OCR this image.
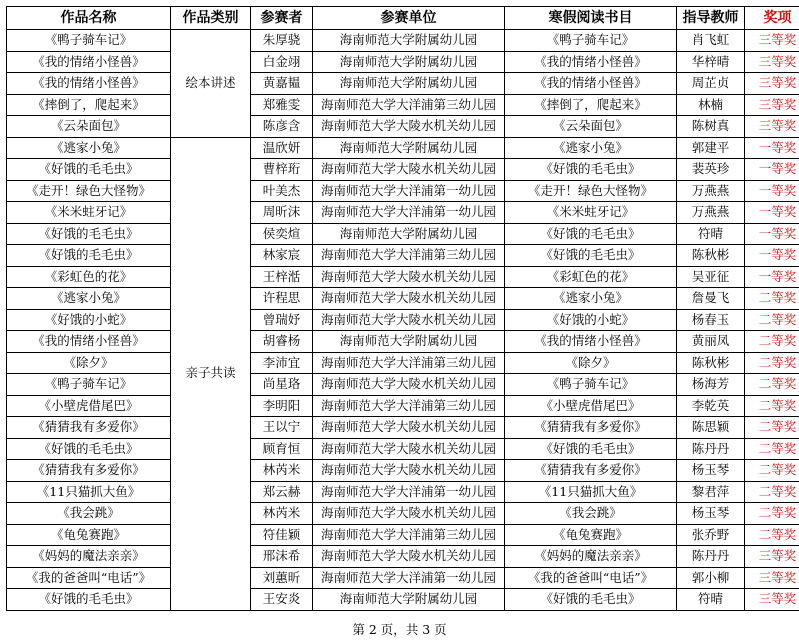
作品名称	作品类别	参赛者	参赛单位	寒假阅读书目	指导教师	奖项
《鸭子骑车记》	绘本讲述	朱厚骁	海南师范大学附属幼儿园	《鸭子骑车记》	肖飞虹	三等奖
《我的情绪小怪兽》		白金翊	海南师范大学附属幼儿园	《我的情绪小怪兽》	华梓晴	三等奖
《我的情绪小怪兽》		黄嘉韫	海南师范大学附属幼儿园	《我的情绪小怪兽》	周芷贞	三等奖
《摔倒了，爬起来》		郑雅雯	海南师范大学大洋浦第三幼儿园	《摔倒了，爬起来》	林楠	三等奖
《云朵面包》		陈彦含	海南师范大学大陵水机关幼儿园	《云朵面包》	陈树真	三等奖
《逃家小兔》	亲子共读	温欣妍	海南师范大学附属幼儿园	《逃家小兔》	郭建平	一等奖
《好饿的毛毛虫》		曹梓珩	海南师范大学大陵水机关幼儿园	《好饿的毛毛虫》	裴英珍	一等奖
《走开！绿色大怪物》		叶美杰	海南师范大学大洋浦第一幼儿园	《走开！绿色大怪物》	万燕燕	一等奖
《米米蛀牙记》		周昕沫	海南师范大学大洋浦第一幼儿园	《米米蛀牙记》	万燕燕	一等奖
《好饿的毛毛虫》		侯奕煊	海南师范大学附属幼儿园	《好饿的毛毛虫》	符晴	一等奖
《好饿的毛毛虫》		林家宸	海南师范大学大洋浦第三幼儿园	《好饿的毛毛虫》	陈秋彬	一等奖
《彩虹色的花》		王梓湉	海南师范大学大陵水机关幼儿园	《彩虹色的花》	吴亚征	一等奖
《逃家小兔》		许程思	海南师范大学大陵水机关幼儿园	《逃家小兔》	詹曼飞	二等奖
《好饿的小蛇》		曾瑞妤	海南师范大学大陵水机关幼儿园	《好饿的小蛇》	杨春玉	二等奖
《我的情绪小怪兽》		胡睿杨	海南师范大学附属幼儿园	《我的情绪小怪兽》	黄丽凤	二等奖
《除夕》		李沛宜	海南师范大学大洋浦第三幼儿园	《除夕》	陈秋彬	二等奖
《鸭子骑车记》		尚星珞	海南师范大学大陵水机关幼儿园	《鸭子骑车记》	杨海芳	二等奖
《小壁虎借尾巴》		李明阳	海南师范大学大洋浦第三幼儿园	《小壁虎借尾巴》	李乾英	二等奖
《猜猜我有多爱你》		王以宁	海南师范大学大陵水机关幼儿园	《猜猜我有多爱你》	陈思颖	二等奖
《好饿的毛毛虫》		顾育恒	海南师范大学大陵水机关幼儿园	《好饿的毛毛虫》	陈丹丹	二等奖
《猜猜我有多爱你》		林芮米	海南师范大学大陵水机关幼儿园	《猜猜我有多爱你》	杨玉琴	二等奖
《11只猫抓大鱼》		郑云赫	海南师范大学大洋浦第一幼儿园	《11只猫抓大鱼》	黎君萍	二等奖
《我会跳》		林芮米	海南师范大学大陵水机关幼儿园	《我会跳》	杨玉琴	二等奖
《龟兔赛跑》		符佳颖	海南师范大学大洋浦第三幼儿园	《龟兔赛跑》	张乔野	二等奖
《妈妈的魔法亲亲》		邢沫希	海南师范大学大陵水机关幼儿园	《妈妈的魔法亲亲》	陈丹丹	三等奖
《我的爸爸叫“电话”》		刘蕙昕	海南师范大学大洋浦第一幼儿园	《我的爸爸叫“电话”》	郭小柳	三等奖
《好饿的毛毛虫》		王安炎	海南师范大学附属幼儿园	《好饿的毛毛虫》	符晴	三等奖
第 2 页，共 3 页
